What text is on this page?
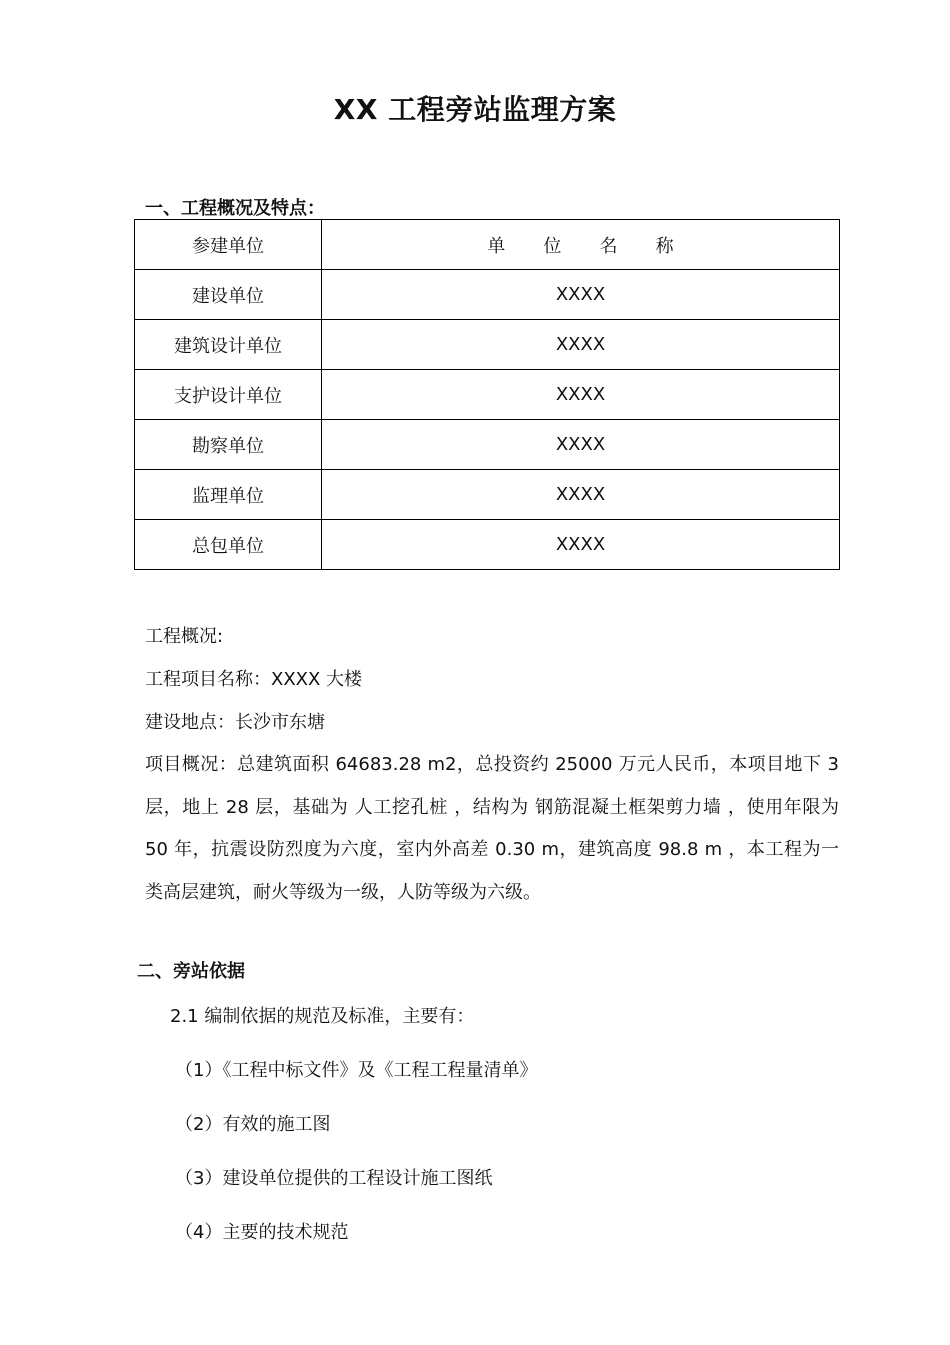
XX 工程旁站监理方案
一、工程概况及特点：
参建单位	单 位 名 称
建设单位	XXXX
建筑设计单位	XXXX
支护设计单位	XXXX
勘察单位	XXXX
监理单位	XXXX
总包单位	XXXX
工程概况:
工程项目名称：XXXX 大楼
建设地点：长沙市东塘
项目概况：总建筑面积 64683.28 m2，总投资约 25000 万元人民币，本项目地下 3 层，地上 28 层，基础为 人工挖孔桩 ，结构为 钢筋混凝土框架剪力墙 ，使用年限为 50 年，抗震设防烈度为六度，室内外高差 0.30 m，建筑高度 98.8 m ，本工程为一类高层建筑，耐火等级为一级，人防等级为六级。
二、旁站依据
2.1 编制依据的规范及标准，主要有：
（1）《工程中标文件》及《工程工程量清单》
（2）有效的施工图
（3）建设单位提供的工程设计施工图纸
（4）主要的技术规范
